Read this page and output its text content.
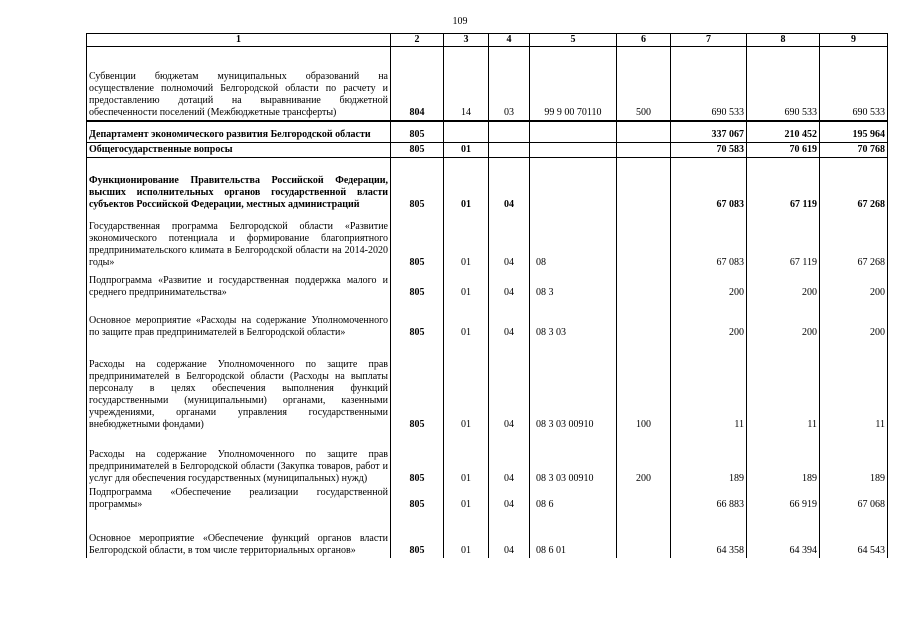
109
1	2	3	4	5	6	7	8	9
Субвенции бюджетам муниципальных образований на осуществление полномочий Белгородской области по расчету и предоставлению дотаций на выравнивание бюджетной обеспеченности поселений (Межбюджетные трансферты)	804	14	03	99 9 00 70110	500	690 533	690 533	690 533
Департамент экономического развития Белгородской области	805					337 067	210 452	195 964
Общегосударственные вопросы	805	01				70 583	70 619	70 768
Функционирование Правительства Российской Федерации, высших исполнительных органов государственной власти субъектов Российской Федерации, местных администраций	805	01	04			67 083	67 119	67 268
Государственная программа Белгородской области «Развитие экономического потенциала и формирование благоприятного предпринимательского климата в Белгородской области на 2014-2020 годы»	805	01	04	08		67 083	67 119	67 268
Подпрограмма «Развитие и государственная поддержка малого и среднего предпринимательства»	805	01	04	08 3		200	200	200
Основное мероприятие «Расходы на содержание Уполномоченного по защите прав предпринимателей в Белгородской области»	805	01	04	08 3 03		200	200	200
Расходы на содержание Уполномоченного по защите прав предпринимателей в Белгородской области (Расходы на выплаты персоналу в целях обеспечения выполнения функций государственными (муниципальными) органами, казенными учреждениями, органами управления государственными внебюджетными фондами)	805	01	04	08 3 03 00910	100	11	11	11
Расходы на содержание Уполномоченного по защите прав предпринимателей в Белгородской области (Закупка товаров, работ и услуг для обеспечения государственных (муниципальных) нужд)	805	01	04	08 3 03 00910	200	189	189	189
Подпрограмма «Обеспечение реализации государственной программы»	805	01	04	08 6		66 883	66 919	67 068
Основное мероприятие «Обеспечение функций органов власти Белгородской области, в том числе территориальных органов»	805	01	04	08 6 01		64 358	64 394	64 543
